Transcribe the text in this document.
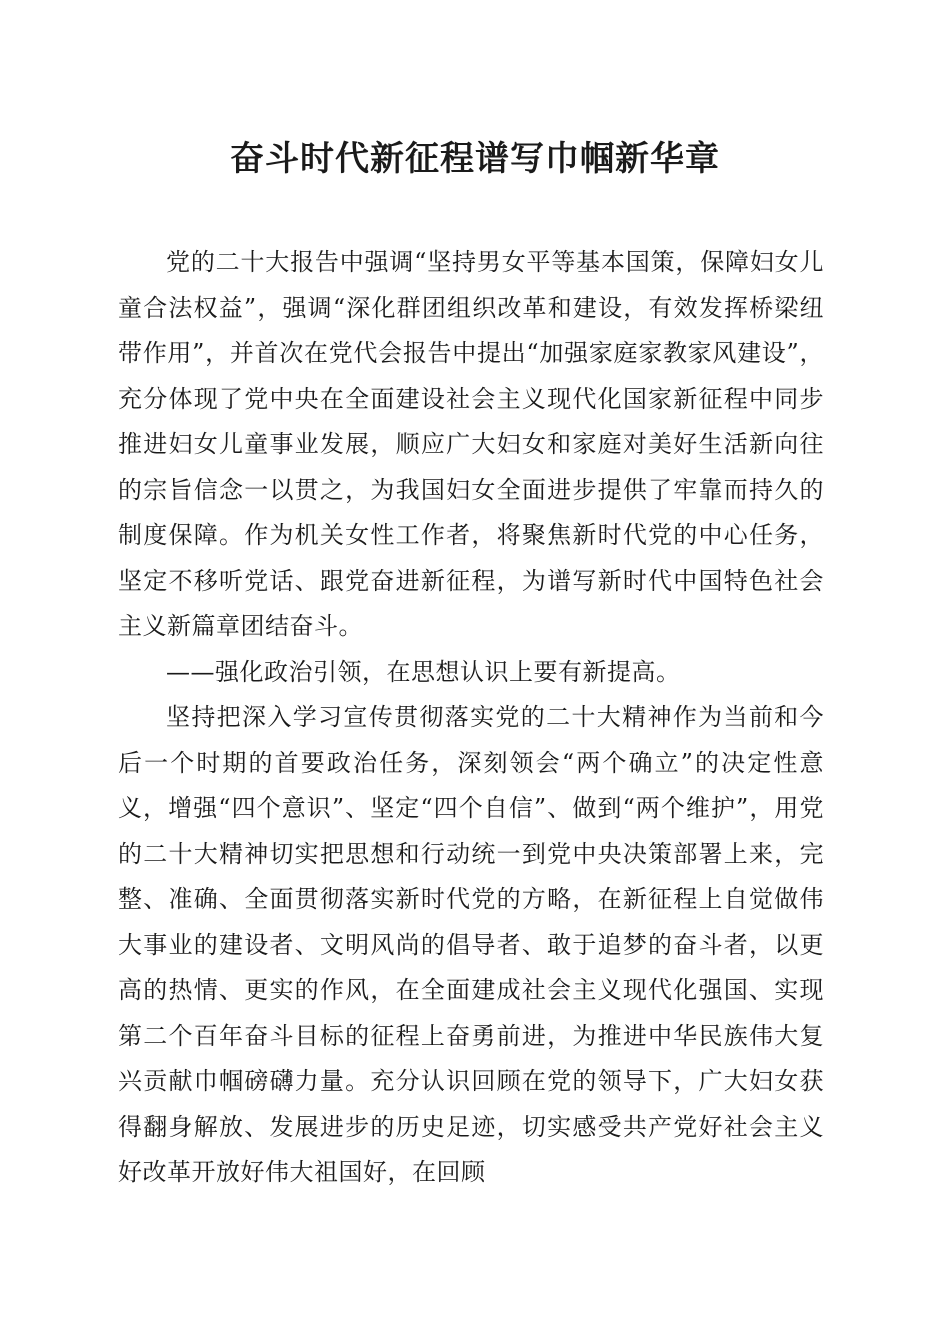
奋斗时代新征程谱写巾帼新华章

党的二十大报告中强调“坚持男女平等基本国策，保障妇女儿童合法权益”，强调“深化群团组织改革和建设，有效发挥桥梁纽带作用”，并首次在党代会报告中提出“加强家庭家教家风建设”，充分体现了党中央在全面建设社会主义现代化国家新征程中同步推进妇女儿童事业发展，顺应广大妇女和家庭对美好生活新向往的宗旨信念一以贯之，为我国妇女全面进步提供了牢靠而持久的制度保障。作为机关女性工作者，将聚焦新时代党的中心任务，坚定不移听党话、跟党奋进新征程，为谱写新时代中国特色社会主义新篇章团结奋斗。

——强化政治引领，在思想认识上要有新提高。

坚持把深入学习宣传贯彻落实党的二十大精神作为当前和今后一个时期的首要政治任务，深刻领会“两个确立”的决定性意义，增强“四个意识”、坚定“四个自信”、做到“两个维护”，用党的二十大精神切实把思想和行动统一到党中央决策部署上来，完整、准确、全面贯彻落实新时代党的方略，在新征程上自觉做伟大事业的建设者、文明风尚的倡导者、敢于追梦的奋斗者，以更高的热情、更实的作风，在全面建成社会主义现代化强国、实现第二个百年奋斗目标的征程上奋勇前进，为推进中华民族伟大复兴贡献巾帼磅礴力量。充分认识回顾在党的领导下，广大妇女获得翻身解放、发展进步的历史足迹，切实感受共产党好社会主义好改革开放好伟大祖国好，在回顾
